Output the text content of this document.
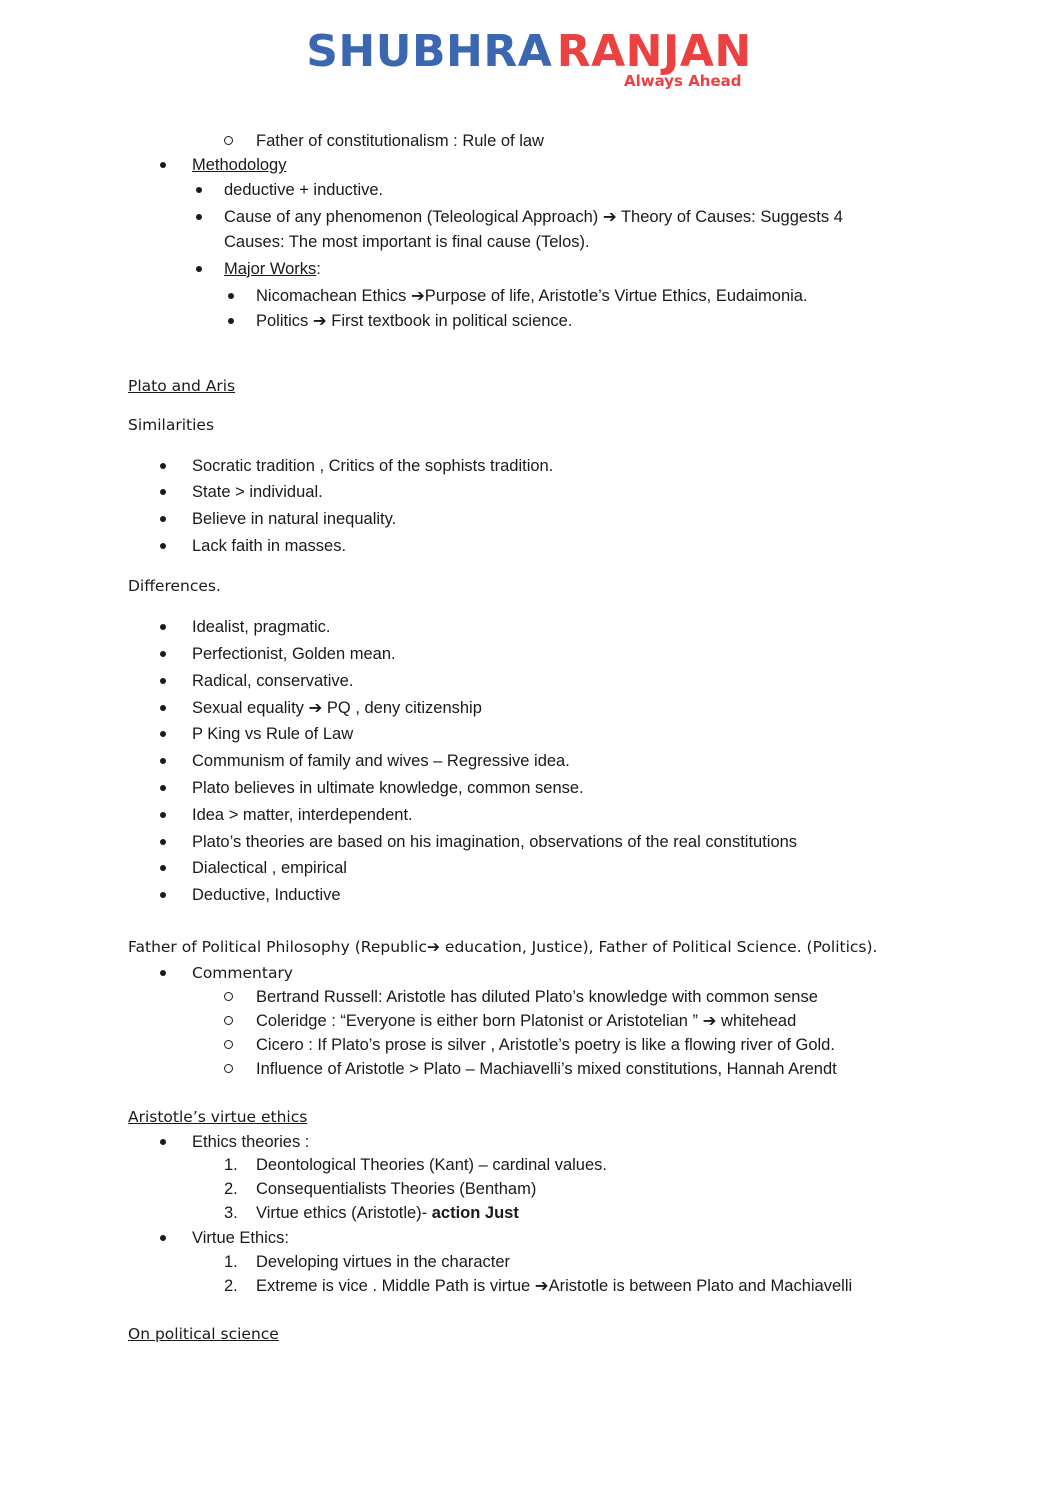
SHUBHRA RANJAN
Always Ahead
Father of constitutionalism : Rule of law
Methodology
deductive + inductive.
Cause of any phenomenon (Teleological Approach) ➔ Theory of Causes: Suggests 4
Causes: The most important is final cause (Telos).
Major Works:
Nicomachean Ethics ➔Purpose of life, Aristotle’s Virtue Ethics, Eudaimonia.
Politics ➔ First textbook in political science.
Plato and Aris
Similarities
Socratic tradition , Critics of the sophists tradition.
State > individual.
Believe in natural inequality.
Lack faith in masses.
Differences.
Idealist, pragmatic.
Perfectionist, Golden mean.
Radical, conservative.
Sexual equality ➔ PQ , deny citizenship
P King vs Rule of Law
Communism of family and wives – Regressive idea.
Plato believes in ultimate knowledge, common sense.
Idea > matter, interdependent.
Plato’s theories are based on his imagination, observations of the real constitutions
Dialectical , empirical
Deductive, Inductive
Father of Political Philosophy (Republic➔ education, Justice), Father of Political Science. (Politics).
Commentary
Bertrand Russell: Aristotle has diluted Plato’s knowledge with common sense
Coleridge : “Everyone is either born Platonist or Aristotelian ” ➔ whitehead
Cicero : If Plato’s prose is silver , Aristotle’s poetry is like a flowing river of Gold.
Influence of Aristotle > Plato – Machiavelli’s mixed constitutions, Hannah Arendt
Aristotle’s virtue ethics
Ethics theories :
1. Deontological Theories (Kant) – cardinal values.
2. Consequentialists Theories (Bentham)
3. Virtue ethics (Aristotle)- action Just
Virtue Ethics:
1. Developing virtues in the character
2. Extreme is vice . Middle Path is virtue ➔Aristotle is between Plato and Machiavelli
On political science
